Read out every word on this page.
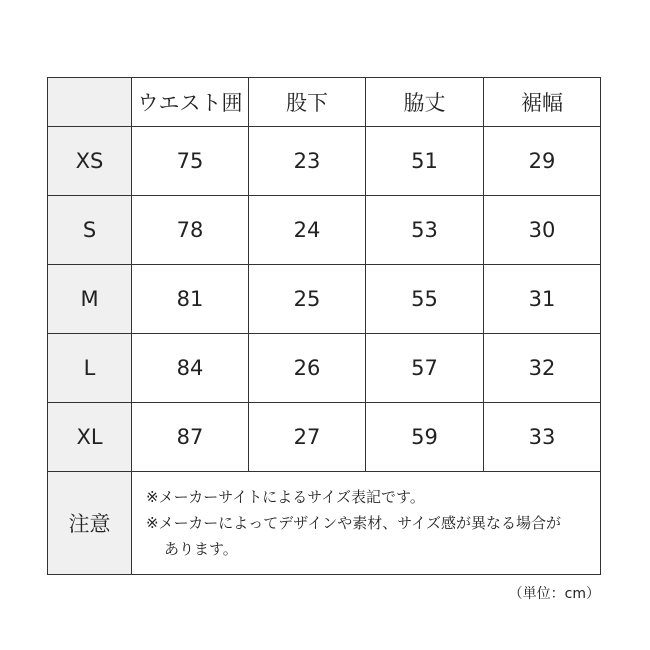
	ウエスト囲	股下	脇丈	裾幅
XS	75	23	51	29
S	78	24	53	30
M	81	25	55	31
L	84	26	57	32
XL	87	27	59	33
注意	※メーカーサイトによるサイズ表記です。
※メーカーによってデザインや素材、サイズ感が異なる場合が
あります。			
（単位：cm）
